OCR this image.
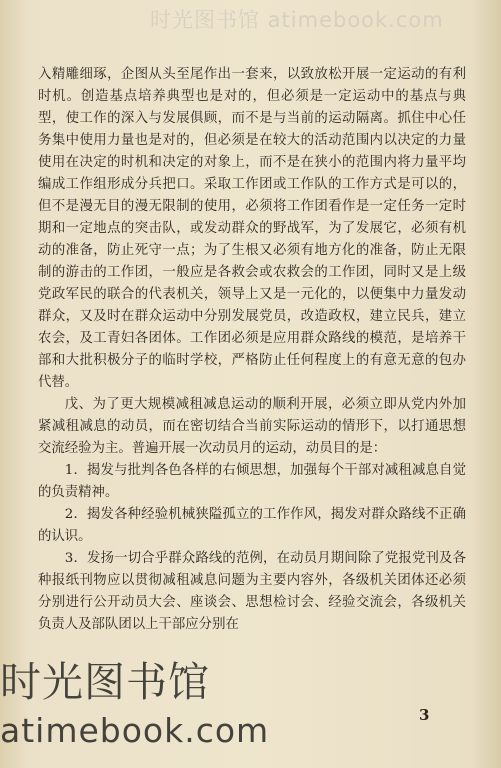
时光图书馆 atimebook.com

入精雕细琢，企图从头至尾作出一套来，以致放松开展一定运动的有利时机。创造基点培养典型也是对的，但必须是一定运动中的基点与典型，使工作的深入与发展俱顾，而不是与当前的运动隔离。抓住中心任务集中使用力量也是对的，但必须是在较大的活动范围内以决定的力量使用在决定的时机和决定的对象上，而不是在狭小的范围内将力量平均编成工作组形成分兵把口。采取工作团或工作队的工作方式是可以的，但不是漫无目的漫无限制的使用，必须将工作团看作是一定任务一定时期和一定地点的突击队，或发动群众的野战军，为了发展它，必须有机动的准备，防止死守一点；为了生根又必须有地方化的准备，防止无限制的游击的工作团，一般应是各救会或农救会的工作团，同时又是上级党政军民的联合的代表机关，领导上又是一元化的，以便集中力量发动群众，又及时在群众运动中分别发展党员，改造政权，建立民兵，建立农会，及工青妇各团体。工作团必须是应用群众路线的模范，是培养干部和大批积极分子的临时学校，严格防止任何程度上的有意无意的包办代替。

戊、为了更大规模减租减息运动的顺利开展，必须立即从党内外加紧减租减息的动员，而在密切结合当前实际运动的情形下，以打通思想交流经验为主。普遍开展一次动员月的运动，动员目的是：

1．揭发与批判各色各样的右倾思想，加强每个干部对减租减息自觉的负责精神。

2．揭发各种经验机械狭隘孤立的工作作风，揭发对群众路线不正确的认识。

3．发扬一切合乎群众路线的范例，在动员月期间除了党报党刊及各种报纸刊物应以贯彻减租减息问题为主要内容外，各级机关团体还必须分别进行公开动员大会、座谈会、思想检讨会、经验交流会，各级机关负责人及部队团以上干部应分别在

时光图书馆
atimebook.com	3
